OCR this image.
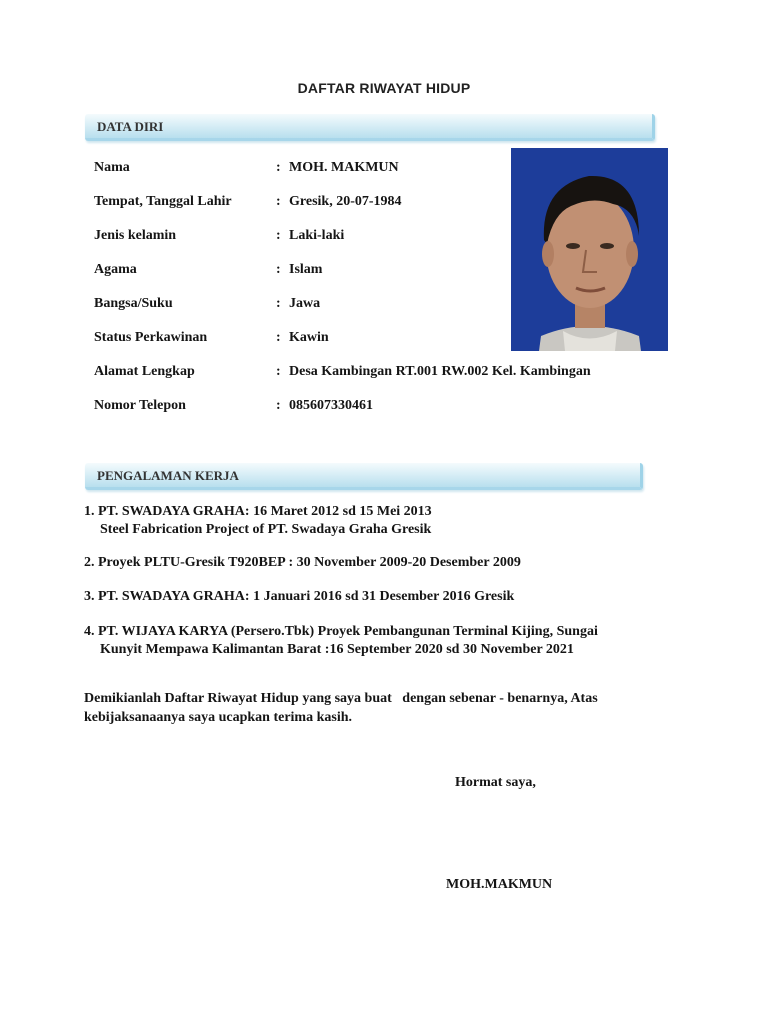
DAFTAR RIWAYAT HIDUP
DATA DIRI
Nama	: MOH. MAKMUN
Tempat, Tanggal Lahir	: Gresik, 20-07-1984
Jenis kelamin	: Laki-laki
Agama	: Islam
Bangsa/Suku	: Jawa
Status Perkawinan	: Kawin
Alamat Lengkap	: Desa Kambingan RT.001 RW.002 Kel. Kambingan
Nomor Telepon	: 085607330461
PENGALAMAN KERJA
1. PT. SWADAYA GRAHA: 16 Maret 2012 sd 15 Mei 2013
Steel Fabrication Project of PT. Swadaya Graha Gresik
2. Proyek PLTU-Gresik T920BEP : 30 November 2009-20 Desember 2009
3. PT. SWADAYA GRAHA: 1 Januari 2016 sd 31 Desember 2016 Gresik
4. PT. WIJAYA KARYA (Persero.Tbk) Proyek Pembangunan Terminal Kijing, Sungai
Kunyit Mempawa Kalimantan Barat :16 September 2020 sd 30 November 2021
Demikianlah Daftar Riwayat Hidup yang saya buat   dengan sebenar - benarnya, Atas
kebijaksanaanya saya ucapkan terima kasih.
Hormat saya,
MOH.MAKMUN
